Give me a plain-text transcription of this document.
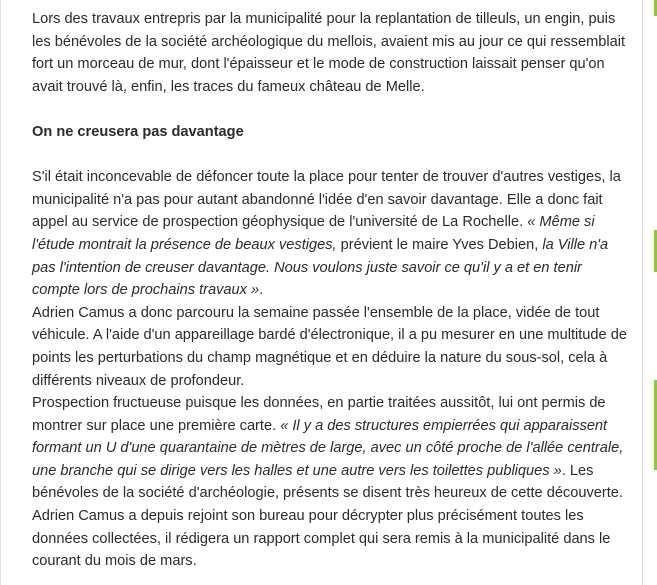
Lors des travaux entrepris par la municipalité pour la replantation de tilleuls, un engin, puis les bénévoles de la société archéologique du mellois, avaient mis au jour ce qui ressemblait fort un morceau de mur, dont l'épaisseur et le mode de construction laissait penser qu'on avait trouvé là, enfin, les traces du fameux château de Melle.

On ne creusera pas davantage

S'il était inconcevable de défoncer toute la place pour tenter de trouver d'autres vestiges, la municipalité n'a pas pour autant abandonné l'idée d'en savoir davantage. Elle a donc fait appel au service de prospection géophysique de l'université de La Rochelle. « Même si l'étude montrait la présence de beaux vestiges, prévient le maire Yves Debien, la Ville n'a pas l'intention de creuser davantage. Nous voulons juste savoir ce qu'il y a et en tenir compte lors de prochains travaux ».

Adrien Camus a donc parcouru la semaine passée l'ensemble de la place, vidée de tout véhicule. A l'aide d'un appareillage bardé d'électronique, il a pu mesurer en une multitude de points les perturbations du champ magnétique et en déduire la nature du sous-sol, cela à différents niveaux de profondeur.

Prospection fructueuse puisque les données, en partie traitées aussitôt, lui ont permis de montrer sur place une première carte. « Il y a des structures empierrées qui apparaissent formant un U d'une quarantaine de mètres de large, avec un côté proche de l'allée centrale, une branche qui se dirige vers les halles et une autre vers les toilettes publiques ». Les bénévoles de la société d'archéologie, présents se disent très heureux de cette découverte.

Adrien Camus a depuis rejoint son bureau pour décrypter plus précisément toutes les données collectées, il rédigera un rapport complet qui sera remis à la municipalité dans le courant du mois de mars.
